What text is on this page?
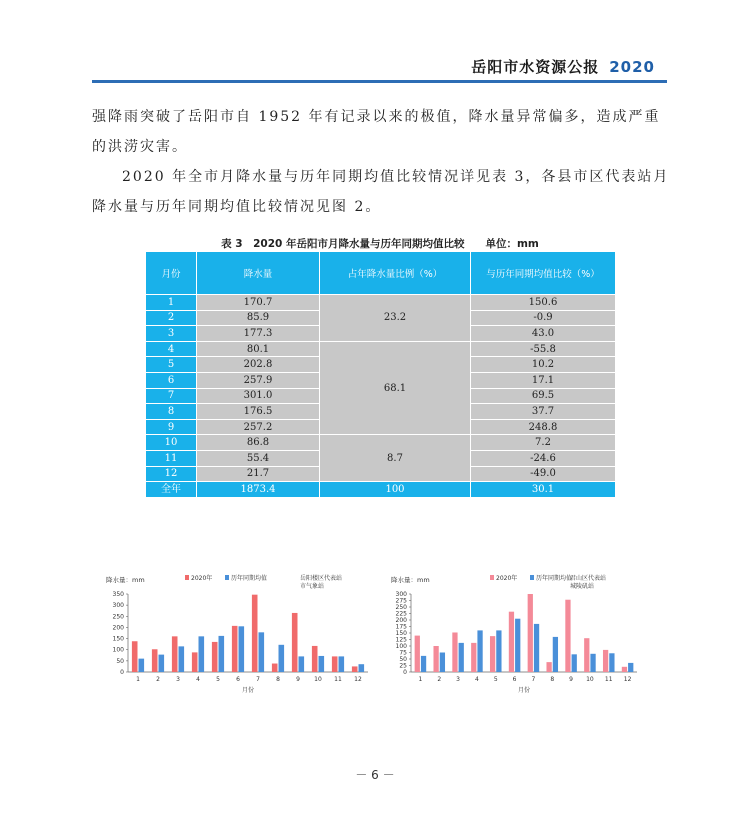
岳阳市水资源公报 2020
强降雨突破了岳阳市自 1952 年有记录以来的极值，降水量异常偏多，造成严重的洪涝灾害。
2020 年全市月降水量与历年同期均值比较情况详见表 3，各县市区代表站月降水量与历年同期均值比较情况见图 2。
表 3　2020 年岳阳市月降水量与历年同期均值比较　　单位：mm
月份	降水量	占年降水量比例（%）	与历年同期均值比较（%）
1	170.7	23.2	150.6
2	85.9		-0.9
3	177.3		43.0
4	80.1	68.1	-55.8
5	202.8		10.2
6	257.9		17.1
7	301.0		69.5
8	176.5		37.7
9	257.2		248.8
10	86.8	8.7	7.2
11	55.4		-24.6
12	21.7		-49.0
全年	1873.4	100	30.1
降水量：mm	2020年	历年同期均值	岳阳楼区代表站
市气象站
0
50
100
150
200
250
300
350
1	2	3	4	5	6	7	8	9 10 11 12
月份
降水量：mm	2020年	历年同期均值
君山区代表站
城陵矶站
0
25
50
75
100
125
150
175
200
225
250
275
300
1	2	3	4	5	6	7	8	9 10 11 12
月份
－ 6 －
